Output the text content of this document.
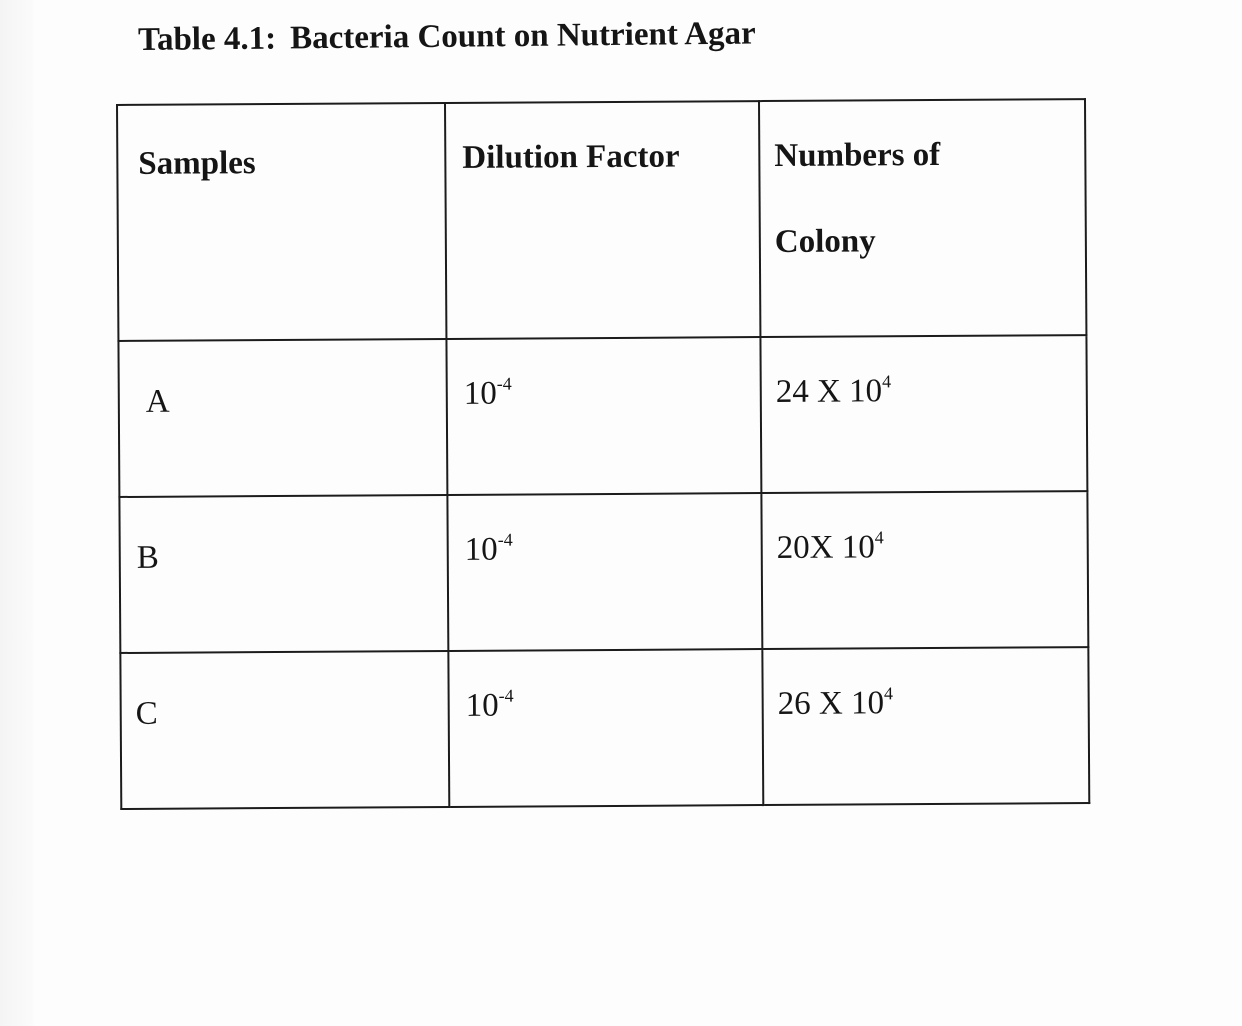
Table 4.1: Bacteria Count on Nutrient Agar
Samples	Dilution Factor	Numbers of
Colony

A	$10^{-4}$	24 X $10^4$
B	$10^{-4}$	20X $10^4$
C	$10^{-4}$	26 X $10^4$
